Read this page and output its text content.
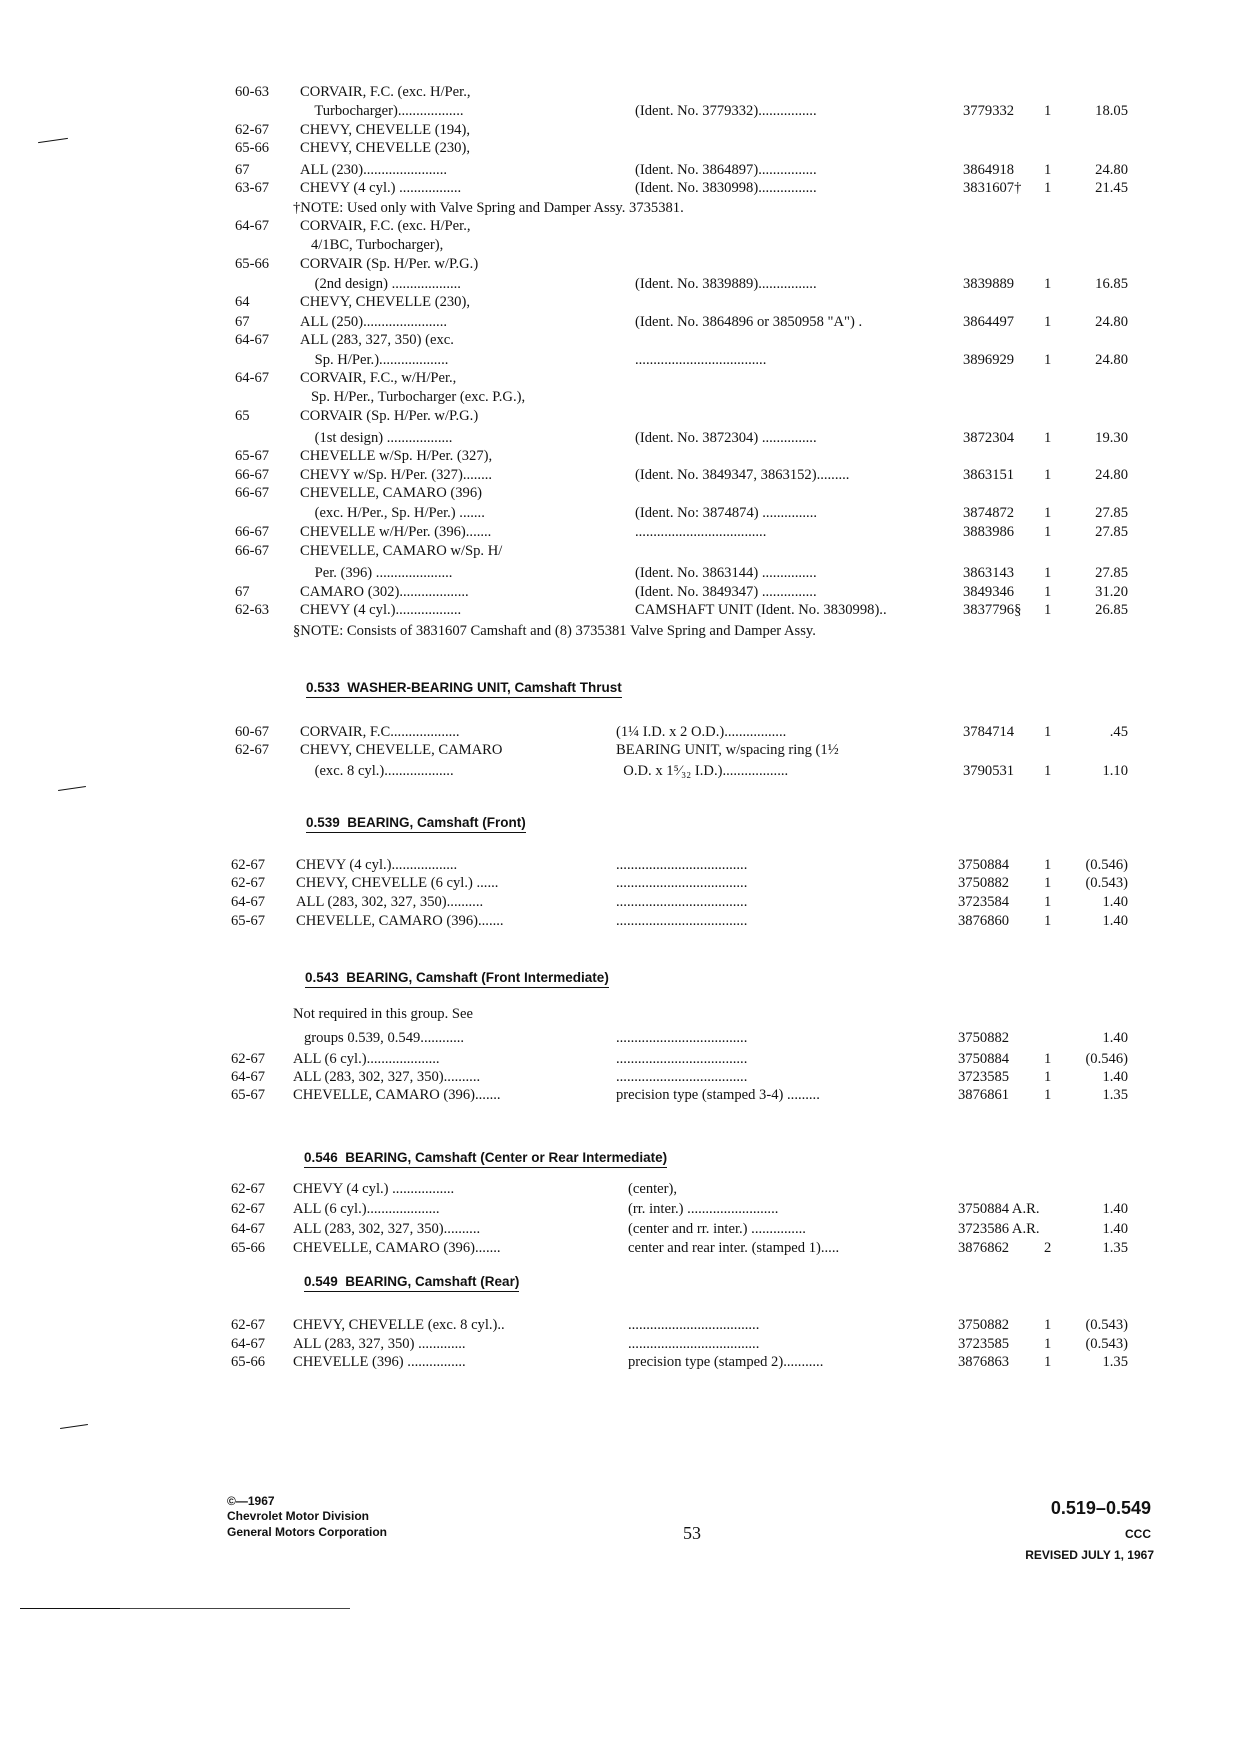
60-63 CORVAIR, F.C. (exc. H/Per.,
Turbocharger)..................	(Ident. No. 3779332)................	3779332 1	18.05
62-67 CHEVY, CHEVELLE (194),
65-66 CHEVY, CHEVELLE (230),
67	ALL (230).......................	(Ident. No. 3864897)................	3864918 1	24.80
63-67 CHEVY (4 cyl.) .................	(Ident. No. 3830998)................	3831607† 1	21.45
†NOTE: Used only with Valve Spring and Damper Assy. 3735381.
64-67 CORVAIR, F.C. (exc. H/Per.,
4/1BC, Turbocharger),
65-66 CORVAIR (Sp. H/Per. w/P.G.)
(2nd design) ...................	(Ident. No. 3839889)................	3839889 1	16.85
64	CHEVY, CHEVELLE (230),
67	ALL (250).......................	(Ident. No. 3864896 or 3850958 "A") .	3864497 1	24.80
64-67 ALL (283, 327, 350) (exc.
Sp. H/Per.)...................	....................................	3896929 1	24.80
64-67 CORVAIR, F.C., w/H/Per.,
Sp. H/Per., Turbocharger (exc. P.G.),
65	CORVAIR (Sp. H/Per. w/P.G.)
(1st design) ..................	(Ident. No. 3872304) ...............	3872304 1	19.30
65-67 CHEVELLE w/Sp. H/Per. (327),
66-67 CHEVY w/Sp. H/Per. (327)........	(Ident. No. 3849347, 3863152).........	3863151 1	24.80
66-67 CHEVELLE, CAMARO (396)
(exc. H/Per., Sp. H/Per.) .......	(Ident. No: 3874874) ...............	3874872 1	27.85
66-67 CHEVELLE w/H/Per. (396).......	....................................	3883986 1	27.85
66-67 CHEVELLE, CAMARO w/Sp. H/
Per. (396) .....................	(Ident. No. 3863144) ...............	3863143 1	27.85
67	CAMARO (302)...................	(Ident. No. 3849347) ...............	3849346 1	31.20
62-63 CHEVY (4 cyl.)..................	CAMSHAFT UNIT (Ident. No. 3830998)..	3837796§ 1	26.85
§NOTE: Consists of 3831607 Camshaft and (8) 3735381 Valve Spring and Damper Assy.
60-67 CORVAIR, F.C...................	(1¼ I.D. x 2 O.D.).................	3784714 1	.45
62-67 CHEVY, CHEVELLE, CAMARO	BEARING UNIT, w/spacing ring (1½
(exc. 8 cyl.)...................	O.D. x 1⁵⁄₃₂ I.D.)..................	3790531 1	1.10
62-67 CHEVY (4 cyl.)..................	....................................	3750884 1 (0.546)
62-67 CHEVY, CHEVELLE (6 cyl.) ......	....................................	3750882 1 (0.543)
64-67 ALL (283, 302, 327, 350)..........	....................................	3723584 1	1.40
65-67 CHEVELLE, CAMARO (396).......	....................................	3876860 1	1.40
Not required in this group. See
groups 0.539, 0.549............	....................................	3750882	1.40
62-67 ALL (6 cyl.)....................	....................................	3750884 1 (0.546)
64-67 ALL (283, 302, 327, 350)..........	....................................	3723585 1	1.40
65-67 CHEVELLE, CAMARO (396).......	precision type (stamped 3-4) .........	3876861 1	1.35
62-67 CHEVY (4 cyl.) .................	(center),
62-67 ALL (6 cyl.)....................	(rr. inter.) .........................	3750884 A.R.	1.40
64-67 ALL (283, 302, 327, 350)..........	(center and rr. inter.) ...............	3723586 A.R.	1.40
65-66 CHEVELLE, CAMARO (396).......	center and rear inter. (stamped 1).....	3876862 2	1.35
62-67 CHEVY, CHEVELLE (exc. 8 cyl.)..	....................................	3750882 1 (0.543)
64-67 ALL (283, 327, 350) .............	....................................	3723585 1 (0.543)
65-66 CHEVELLE (396) ................	precision type (stamped 2)...........	3876863 1	1.35
0.533  WASHER-BEARING UNIT, Camshaft Thrust
0.539  BEARING, Camshaft (Front)
0.543  BEARING, Camshaft (Front Intermediate)
0.546  BEARING, Camshaft (Center or Rear Intermediate)
0.549  BEARING, Camshaft (Rear)
©—1967
Chevrolet Motor Division
General Motors Corporation	53
0.519–0.549
CCC
REVISED JULY 1, 1967
